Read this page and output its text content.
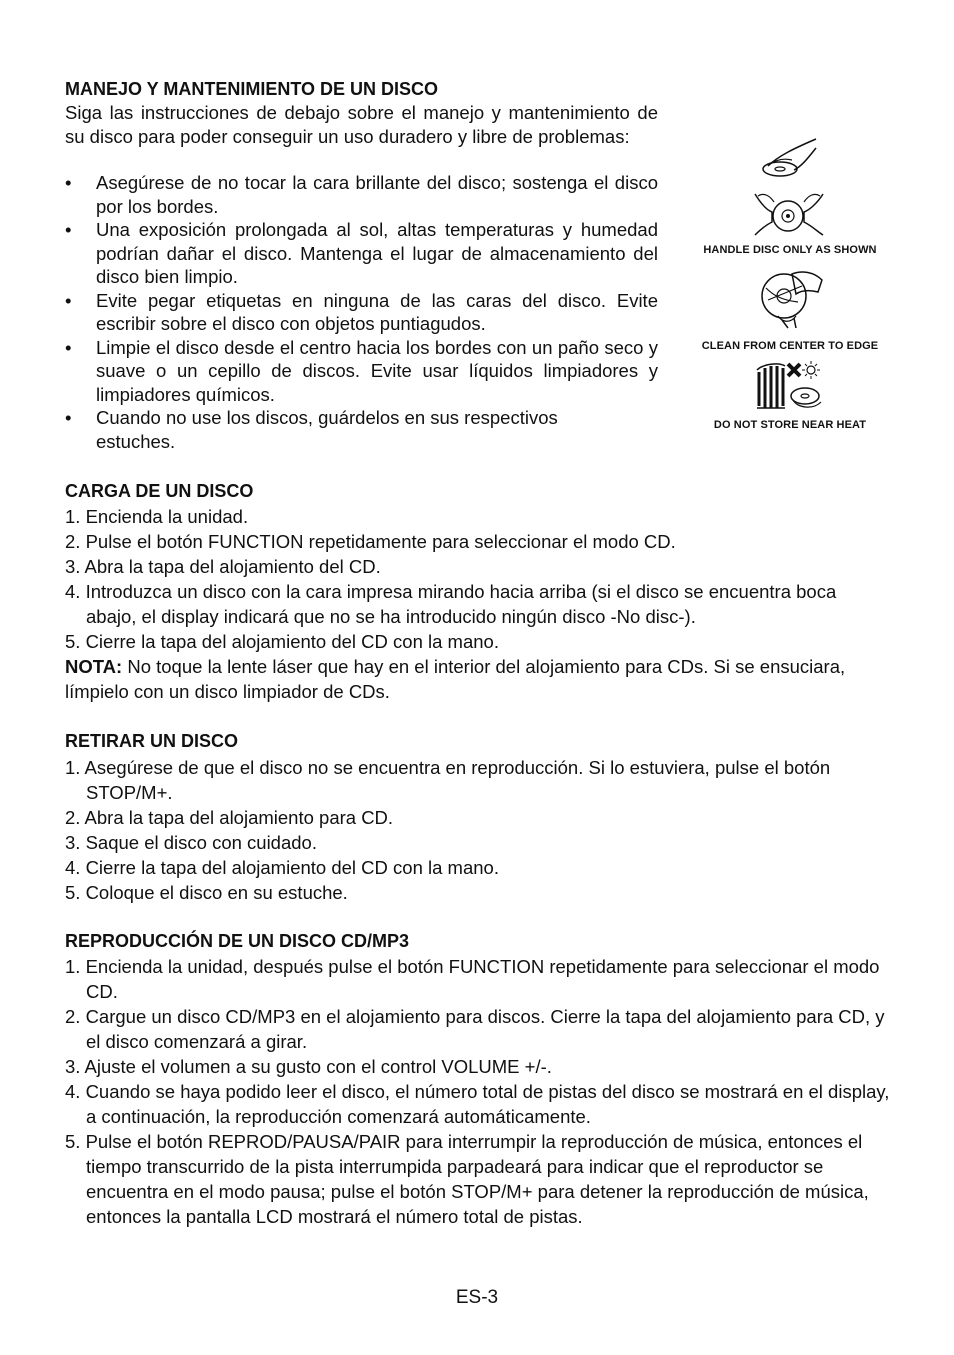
MANEJO Y MANTENIMIENTO DE UN DISCO

Siga las instrucciones de debajo sobre el manejo y mantenimiento de su disco para poder conseguir un uso duradero y libre de problemas:

• Asegúrese de no tocar la cara brillante del disco; sostenga el disco por los bordes.
• Una exposición prolongada al sol, altas temperaturas y humedad podrían dañar el disco. Mantenga el lugar de almacenamiento del disco bien limpio.
• Evite pegar etiquetas en ninguna de las caras del disco. Evite escribir sobre el disco con objetos puntiagudos.
• Limpie el disco desde el centro hacia los bordes con un paño seco y suave o un cepillo de discos. Evite usar líquidos limpiadores y limpiadores químicos.
• Cuando no use los discos, guárdelos en sus respectivos estuches.
HANDLE DISC ONLY AS SHOWN
CLEAN FROM CENTER TO EDGE
DO NOT STORE NEAR HEAT
CARGA DE UN DISCO
1. Encienda la unidad.
2. Pulse el botón FUNCTION repetidamente para seleccionar el modo CD.
3. Abra la tapa del alojamiento del CD.
4. Introduzca un disco con la cara impresa mirando hacia arriba (si el disco se encuentra boca abajo, el display indicará que no se ha introducido ningún disco -No disc-).
5. Cierre la tapa del alojamiento del CD con la mano.

NOTA: No toque la lente láser que hay en el interior del alojamiento para CDs. Si se ensuciara, límpielo con un disco limpiador de CDs.

RETIRAR UN DISCO
1. Asegúrese de que el disco no se encuentra en reproducción. Si lo estuviera, pulse el botón STOP/M+.
2. Abra la tapa del alojamiento para CD.
3. Saque el disco con cuidado.
4. Cierre la tapa del alojamiento del CD con la mano.
5. Coloque el disco en su estuche.
REPRODUCCIÓN DE UN DISCO CD/MP3
1. Encienda la unidad, después pulse el botón FUNCTION repetidamente para seleccionar el modo CD.
2. Cargue un disco CD/MP3 en el alojamiento para discos. Cierre la tapa del alojamiento para CD, y el disco comenzará a girar.
3. Ajuste el volumen a su gusto con el control VOLUME +/-.
4. Cuando se haya podido leer el disco, el número total de pistas del disco se mostrará en el display, a continuación, la reproducción comenzará automáticamente.
5. Pulse el botón REPROD/PAUSA/PAIR para interrumpir la reproducción de música, entonces el tiempo transcurrido de la pista interrumpida parpadeará para indicar que el reproductor se encuentra en el modo pausa; pulse el botón STOP/M+ para detener la reproducción de música, entonces la pantalla LCD mostrará el número total de pistas.
ES-3
